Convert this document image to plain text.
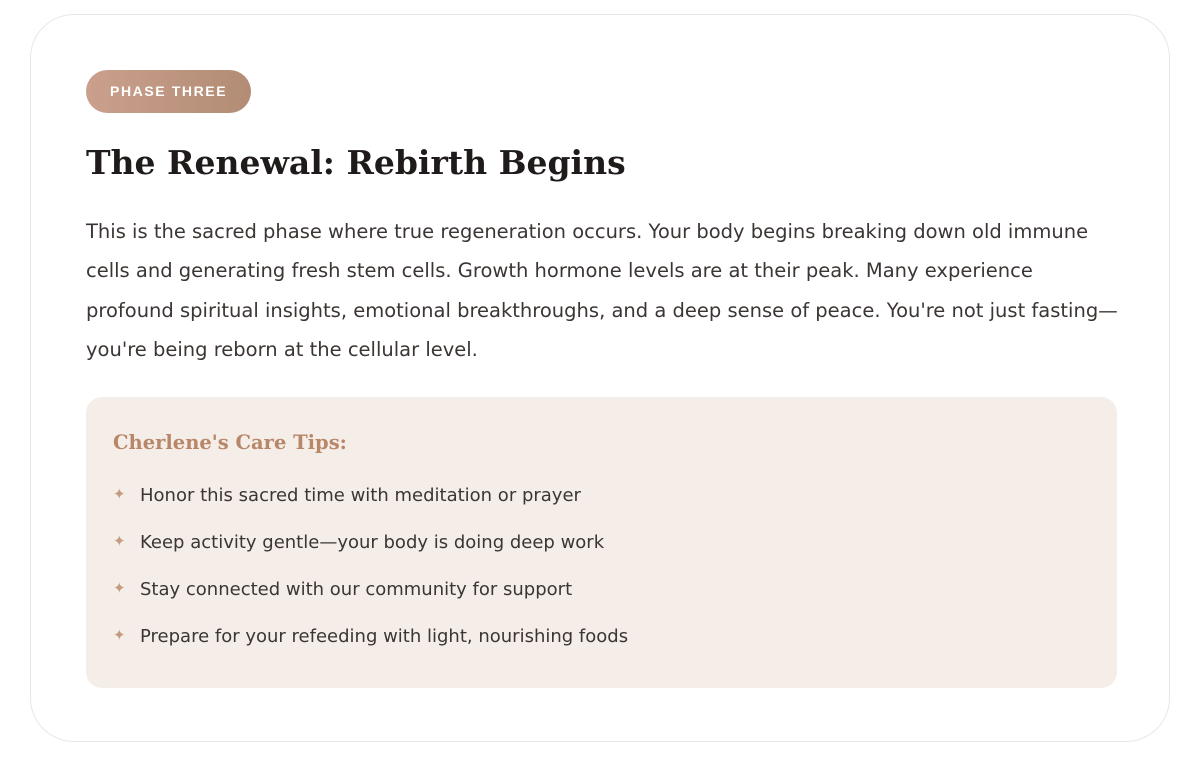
PHASE THREE
The Renewal: Rebirth Begins

This is the sacred phase where true regeneration occurs. Your body begins breaking down old immune cells and generating fresh stem cells. Growth hormone levels are at their peak. Many experience profound spiritual insights, emotional breakthroughs, and a deep sense of peace. You're not just fasting— you're being reborn at the cellular level.

Cherlene's Care Tips:
✦ Honor this sacred time with meditation or prayer
✦ Keep activity gentle—your body is doing deep work
✦ Stay connected with our community for support
✦ Prepare for your refeeding with light, nourishing foods
